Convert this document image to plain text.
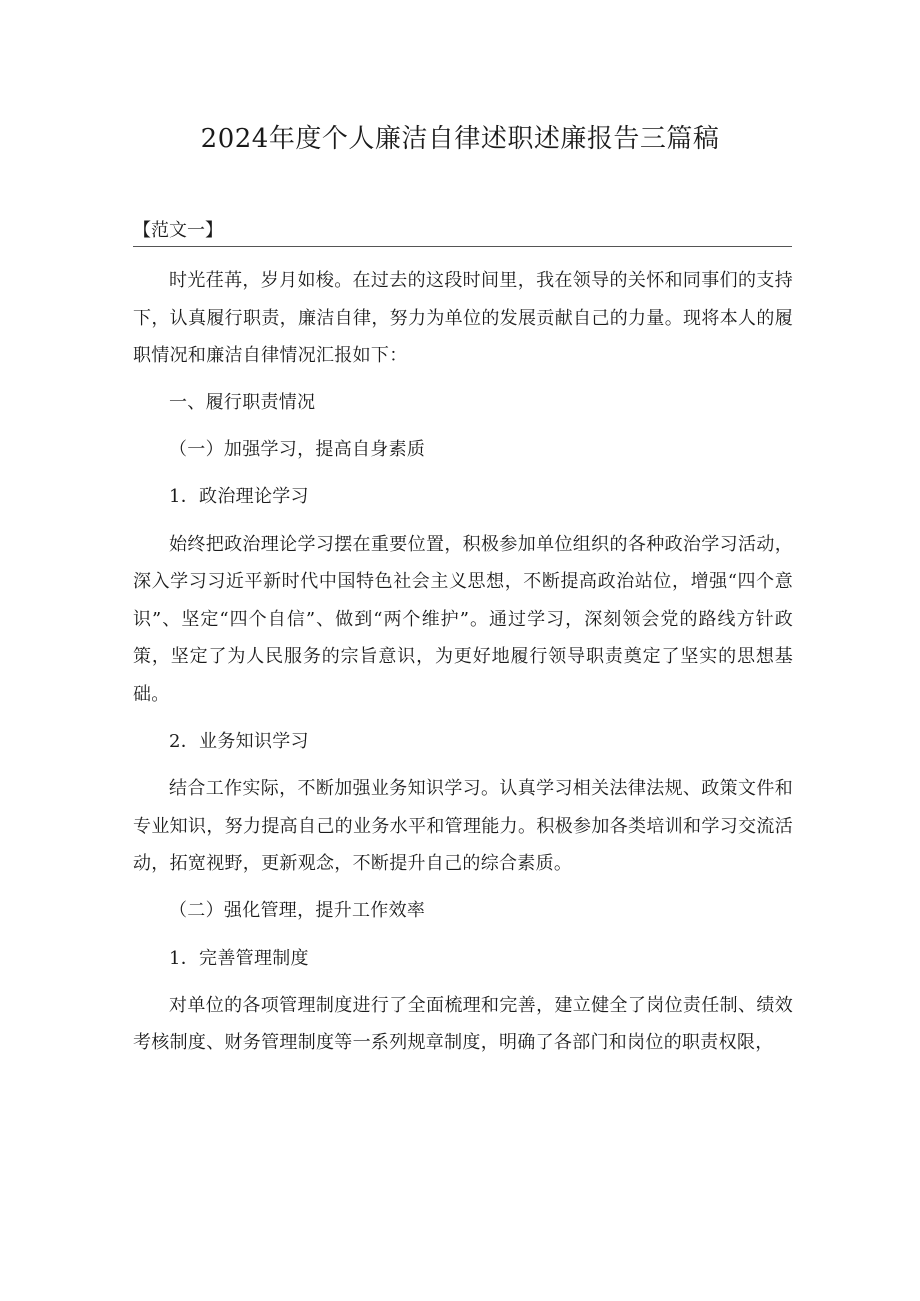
2024年度个人廉洁自律述职述廉报告三篇稿

【范文一】

时光荏苒，岁月如梭。在过去的这段时间里，我在领导的关怀和同事们的支持下，认真履行职责，廉洁自律，努力为单位的发展贡献自己的力量。现将本人的履职情况和廉洁自律情况汇报如下：

一、履行职责情况

（一）加强学习，提高自身素质

1．政治理论学习

始终把政治理论学习摆在重要位置，积极参加单位组织的各种政治学习活动，深入学习习近平新时代中国特色社会主义思想，不断提高政治站位，增强“四个意识”、坚定“四个自信”、做到“两个维护”。通过学习，深刻领会党的路线方针政策，坚定了为人民服务的宗旨意识，为更好地履行领导职责奠定了坚实的思想基础。

2．业务知识学习

结合工作实际，不断加强业务知识学习。认真学习相关法律法规、政策文件和专业知识，努力提高自己的业务水平和管理能力。积极参加各类培训和学习交流活动，拓宽视野，更新观念，不断提升自己的综合素质。

（二）强化管理，提升工作效率

1．完善管理制度

对单位的各项管理制度进行了全面梳理和完善，建立健全了岗位责任制、绩效考核制度、财务管理制度等一系列规章制度，明确了各部门和岗位的职责权限，
